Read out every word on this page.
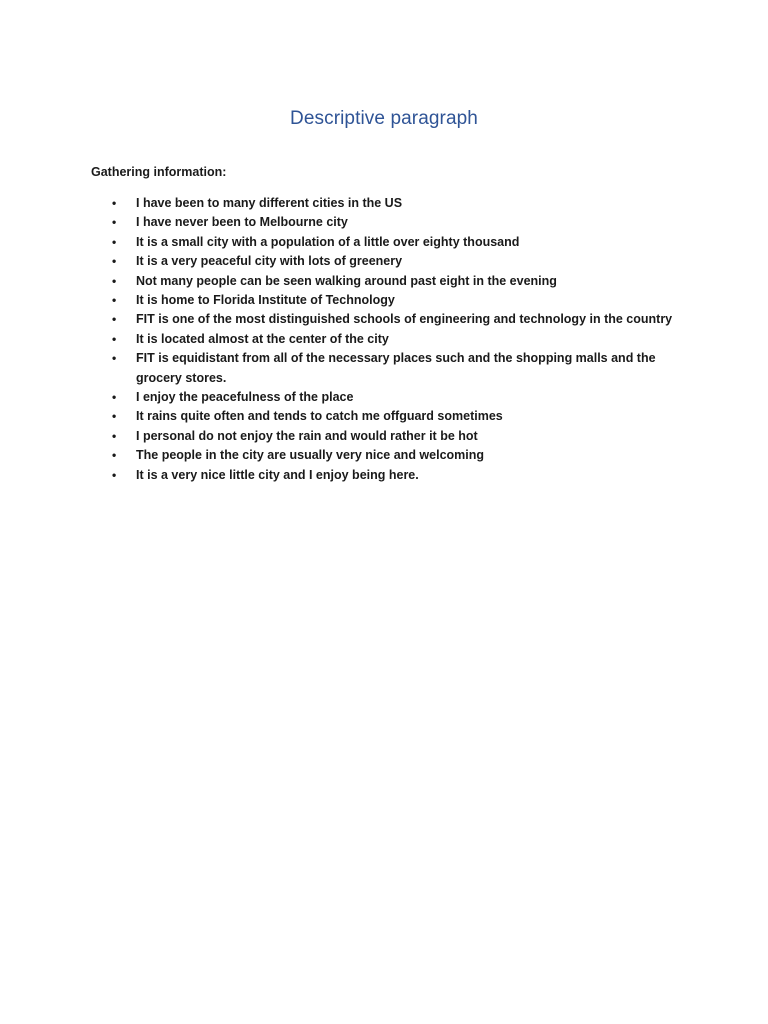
Descriptive paragraph

Gathering information:

•	I have been to many different cities in the US
•	I have never been to Melbourne city
•	It is a small city with a population of a little over eighty thousand
•	It is a very peaceful city with lots of greenery
•	Not many people can be seen walking around past eight in the evening
•	It is home to Florida Institute of Technology
•	FIT is one of the most distinguished schools of engineering and technology in the country
•	It is located almost at the center of the city
•	FIT is equidistant from all of the necessary places such and the shopping malls and the grocery stores.
•	I enjoy the peacefulness of the place
•	It rains quite often and tends to catch me offguard sometimes
•	I personal do not enjoy the rain and would rather it be hot
•	The people in the city are usually very nice and welcoming
•	It is a very nice little city and I enjoy being here.
